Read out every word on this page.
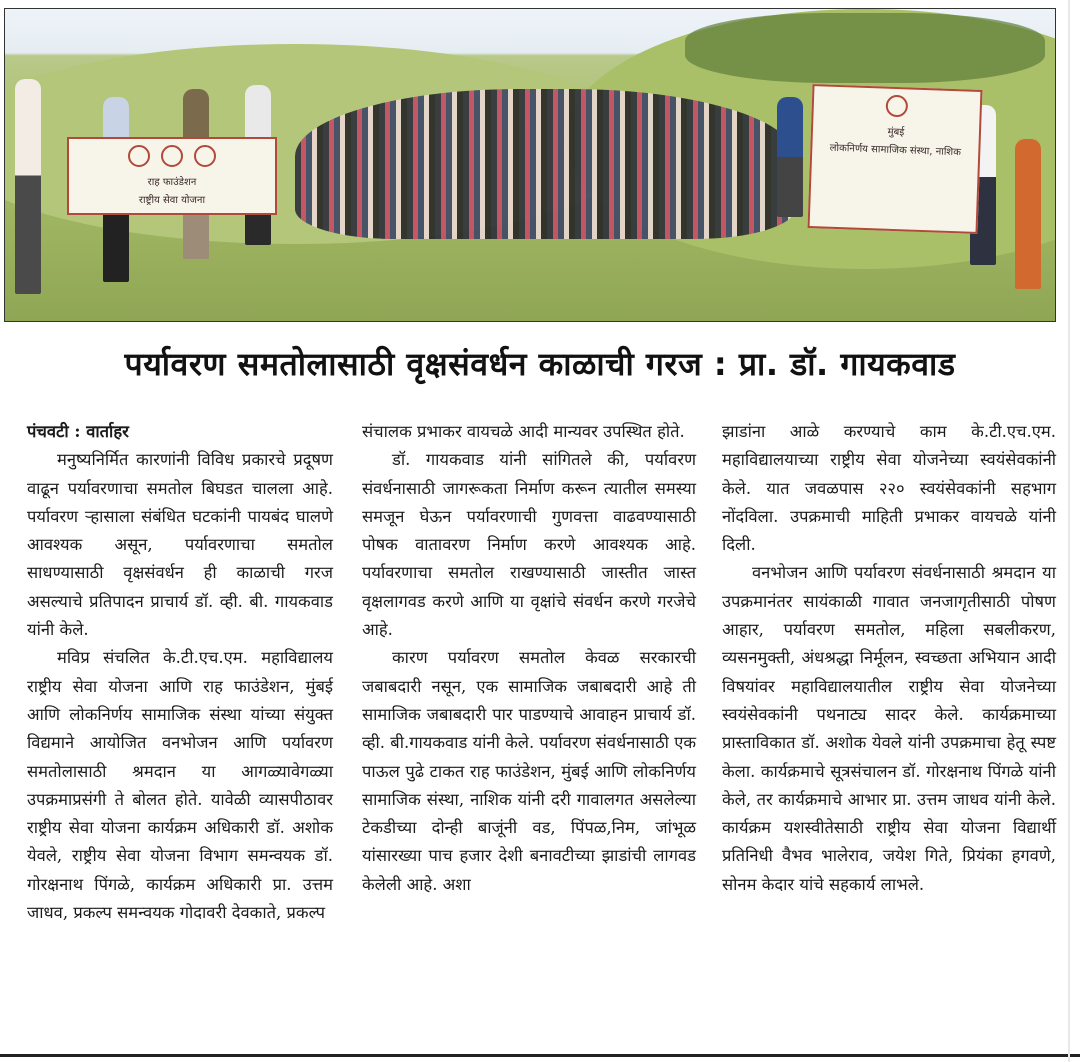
राह फाउंडेशन
राष्ट्रीय सेवा योजना
मुंबई
लोकनिर्णय सामाजिक संस्था, नाशिक
पर्यावरण समतोलासाठी वृक्षसंवर्धन काळाची गरज : प्रा. डॉ. गायकवाड

पंचवटी : वार्ताहर

मनुष्यनिर्मित कारणांनी विविध प्रकारचे प्रदूषण वाढून पर्यावरणाचा समतोल बिघडत चालला आहे. पर्यावरण ऱ्हासाला संबंधित घटकांनी पायबंद घालणे आवश्यक असून, पर्यावरणाचा समतोल साधण्यासाठी वृक्षसंवर्धन ही काळाची गरज असल्याचे प्रतिपादन प्राचार्य डॉ. व्ही. बी. गायकवाड यांनी केले.

मविप्र संचलित के.टी.एच.एम. महाविद्यालय राष्ट्रीय सेवा योजना आणि राह फाउंडेशन, मुंबई आणि लोकनिर्णय सामाजिक संस्था यांच्या संयुक्त विद्यमाने आयोजित वनभोजन आणि पर्यावरण समतोलासाठी श्रमदान या आगळ्यावेगळ्या उपक्रमाप्रसंगी ते बोलत होते. यावेळी व्यासपीठावर राष्ट्रीय सेवा योजना कार्यक्रम अधिकारी डॉ. अशोक येवले, राष्ट्रीय सेवा योजना विभाग समन्वयक डॉ. गोरक्षनाथ पिंगळे, कार्यक्रम अधिकारी प्रा. उत्तम जाधव, प्रकल्प समन्वयक गोदावरी देवकाते, प्रकल्प

संचालक प्रभाकर वायचळे आदी मान्यवर उपस्थित होते.

डॉ. गायकवाड यांनी सांगितले की, पर्यावरण संवर्धनासाठी जागरूकता निर्माण करून त्यातील समस्या समजून घेऊन पर्यावरणाची गुणवत्ता वाढवण्यासाठी पोषक वातावरण निर्माण करणे आवश्यक आहे. पर्यावरणाचा समतोल राखण्यासाठी जास्तीत जास्त वृक्षलागवड करणे आणि या वृक्षांचे संवर्धन करणे गरजेचे आहे.

कारण पर्यावरण समतोल केवळ सरकारची जबाबदारी नसून, एक सामाजिक जबाबदारी आहे ती सामाजिक जबाबदारी पार पाडण्याचे आवाहन प्राचार्य डॉ. व्ही. बी.गायकवाड यांनी केले. पर्यावरण संवर्धनासाठी एक पाऊल पुढे टाकत राह फाउंडेशन, मुंबई आणि लोकनिर्णय सामाजिक संस्था, नाशिक यांनी दरी गावालगत असलेल्या टेकडीच्या दोन्ही बाजूंनी वड, पिंपळ,निम, जांभूळ यांसारख्या पाच हजार देशी बनावटीच्या झाडांची लागवड केलेली आहे. अशा

झाडांना आळे करण्याचे काम के.टी.एच.एम. महाविद्यालयाच्या राष्ट्रीय सेवा योजनेच्या स्वयंसेवकांनी केले. यात जवळपास २२० स्वयंसेवकांनी सहभाग नोंदविला. उपक्रमाची माहिती प्रभाकर वायचळे यांनी दिली.

वनभोजन आणि पर्यावरण संवर्धनासाठी श्रमदान या उपक्रमानंतर सायंकाळी गावात जनजागृतीसाठी पोषण आहार, पर्यावरण समतोल, महिला सबलीकरण, व्यसनमुक्ती, अंधश्रद्धा निर्मूलन, स्वच्छता अभियान आदी विषयांवर महाविद्यालयातील राष्ट्रीय सेवा योजनेच्या स्वयंसेवकांनी पथनाट्य सादर केले. कार्यक्रमाच्या प्रास्ताविकात डॉ. अशोक येवले यांनी उपक्रमाचा हेतू स्पष्ट केला. कार्यक्रमाचे सूत्रसंचालन डॉ. गोरक्षनाथ पिंगळे यांनी केले, तर कार्यक्रमाचे आभार प्रा. उत्तम जाधव यांनी केले. कार्यक्रम यशस्वीतेसाठी राष्ट्रीय सेवा योजना विद्यार्थी प्रतिनिधी वैभव भालेराव, जयेश गिते, प्रियंका हगवणे, सोनम केदार यांचे सहकार्य लाभले.
